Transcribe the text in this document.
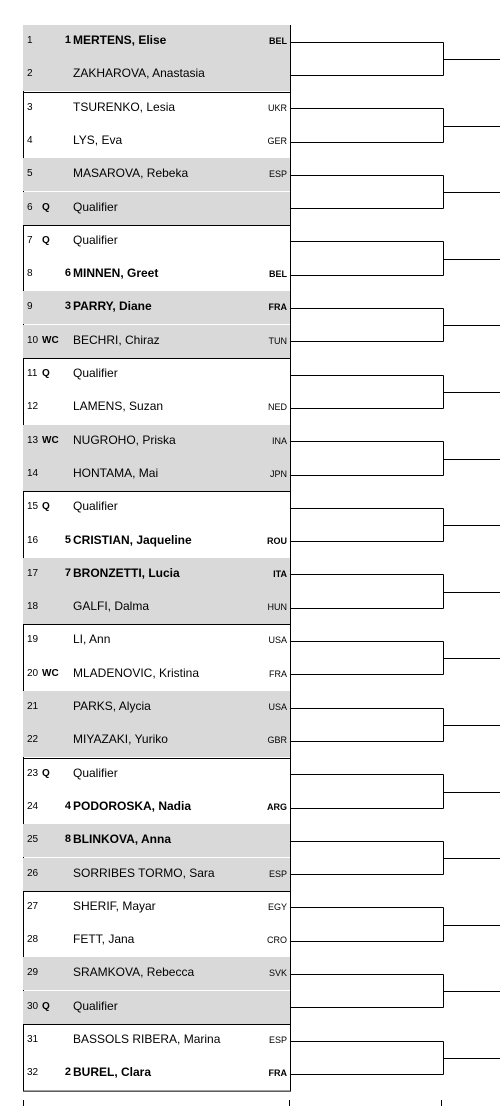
1	1 MERTENS, Elise	BEL
2	ZAKHAROVA, Anastasia
3	TSURENKO, Lesia	UKR
4	LYS, Eva	GER
5	MASAROVA, Rebeka	ESP
6 Q Qualifier
7 Q Qualifier
8	6 MINNEN, Greet	BEL
9	3 PARRY, Diane	FRA
10 WC BECHRI, Chiraz	TUN
11 Q Qualifier
12	LAMENS, Suzan	NED
13 WC NUGROHO, Priska	INA
14	HONTAMA, Mai	JPN
15 Q Qualifier
16 5 CRISTIAN, Jaqueline	ROU
17 7 BRONZETTI, Lucia	ITA
18	GALFI, Dalma	HUN
19	LI, Ann	USA
20 WC MLADENOVIC, Kristina	FRA
21	PARKS, Alycia	USA
22	MIYAZAKI, Yuriko	GBR
23 Q Qualifier
24 4 PODOROSKA, Nadia	ARG
25 8 BLINKOVA, Anna
26	SORRIBES TORMO, Sara	ESP
27	SHERIF, Mayar	EGY
28	FETT, Jana	CRO
29	SRAMKOVA, Rebecca	SVK
30 Q Qualifier
31	BASSOLS RIBERA, Marina	ESP
32 2 BUREL, Clara	FRA
